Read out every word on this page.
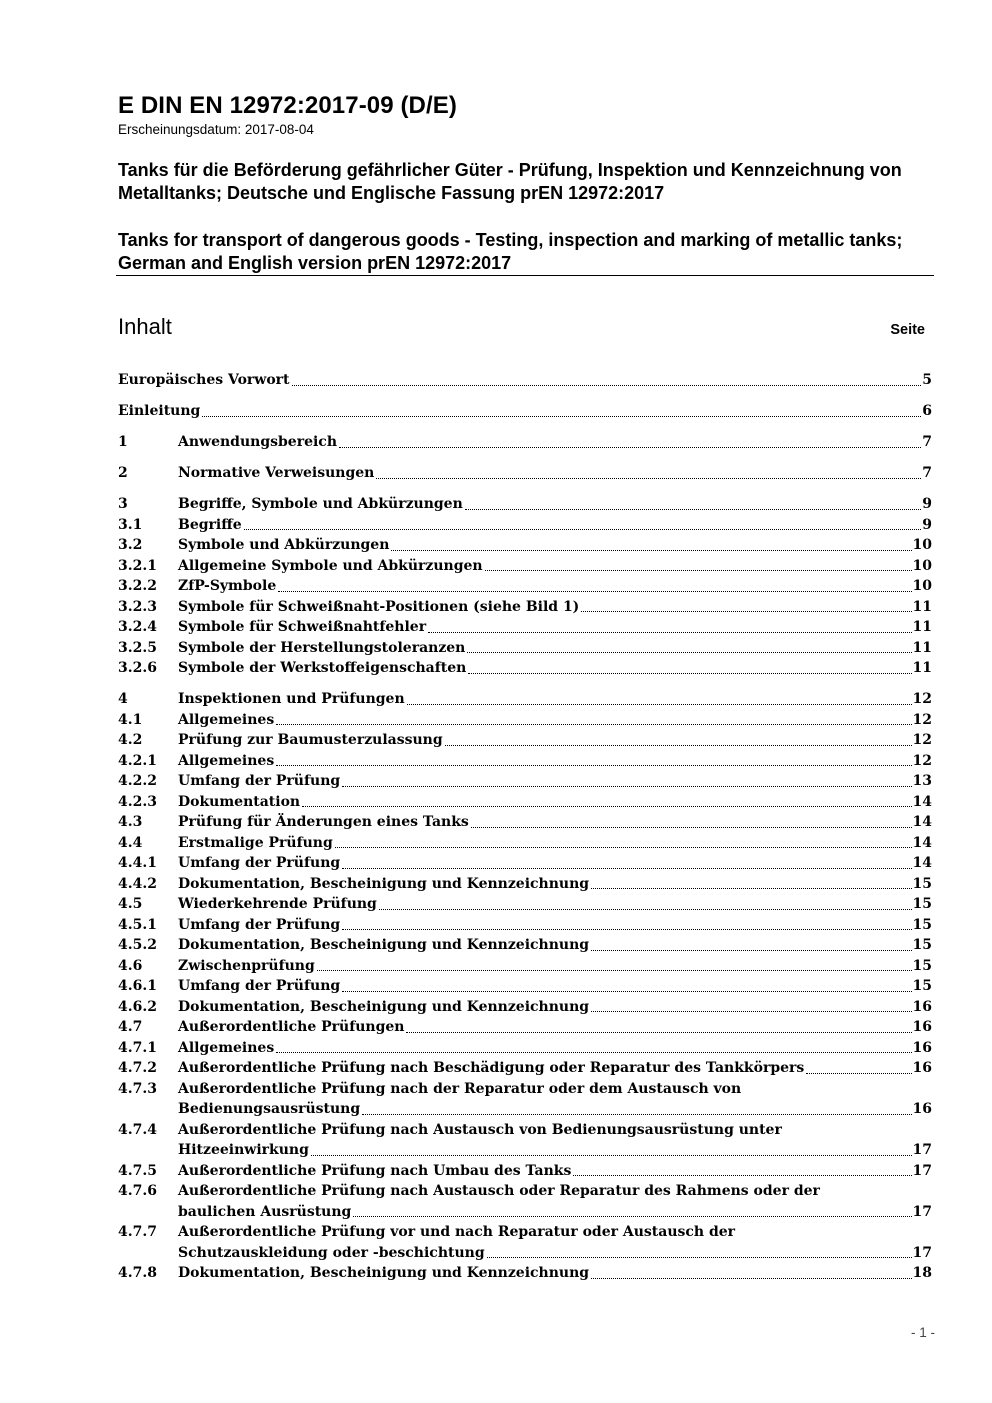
E DIN EN 12972:2017-09 (D/E)
Erscheinungsdatum: 2017-08-04

Tanks für die Beförderung gefährlicher Güter - Prüfung, Inspektion und Kennzeichnung von Metalltanks; Deutsche und Englische Fassung prEN 12972:2017

Tanks for transport of dangerous goods - Testing, inspection and marking of metallic tanks; German and English version prEN 12972:2017

Inhalt	Seite
Europäisches Vorwort	5
Einleitung	6
1	Anwendungsbereich	7
2	Normative Verweisungen	7
3	Begriffe, Symbole und Abkürzungen	9
3.1	Begriffe	9
3.2	Symbole und Abkürzungen	10
3.2.1	Allgemeine Symbole und Abkürzungen	10
3.2.2	ZfP-Symbole	10
3.2.3	Symbole für Schweißnaht-Positionen (siehe Bild 1)	11
3.2.4	Symbole für Schweißnahtfehler	11
3.2.5	Symbole der Herstellungstoleranzen	11
3.2.6	Symbole der Werkstoffeigenschaften	11
4	Inspektionen und Prüfungen	12
4.1	Allgemeines	12
4.2	Prüfung zur Baumusterzulassung	12
4.2.1	Allgemeines	12
4.2.2	Umfang der Prüfung	13
4.2.3	Dokumentation	14
4.3	Prüfung für Änderungen eines Tanks	14
4.4	Erstmalige Prüfung	14
4.4.1	Umfang der Prüfung	14
4.4.2	Dokumentation, Bescheinigung und Kennzeichnung	15
4.5	Wiederkehrende Prüfung	15
4.5.1	Umfang der Prüfung	15
4.5.2	Dokumentation, Bescheinigung und Kennzeichnung	15
4.6	Zwischenprüfung	15
4.6.1	Umfang der Prüfung	15
4.6.2	Dokumentation, Bescheinigung und Kennzeichnung	16
4.7	Außerordentliche Prüfungen	16
4.7.1	Allgemeines	16
4.7.2	Außerordentliche Prüfung nach Beschädigung oder Reparatur des Tankkörpers	16
4.7.3	Außerordentliche Prüfung nach der Reparatur oder dem Austausch von
Bedienungsausrüstung	16
4.7.4	Außerordentliche Prüfung nach Austausch von Bedienungsausrüstung unter
Hitzeeinwirkung	17
4.7.5	Außerordentliche Prüfung nach Umbau des Tanks	17
4.7.6	Außerordentliche Prüfung nach Austausch oder Reparatur des Rahmens oder der
baulichen Ausrüstung	17
4.7.7	Außerordentliche Prüfung vor und nach Reparatur oder Austausch der
Schutzauskleidung oder -beschichtung	17
4.7.8	Dokumentation, Bescheinigung und Kennzeichnung	18
- 1 -
